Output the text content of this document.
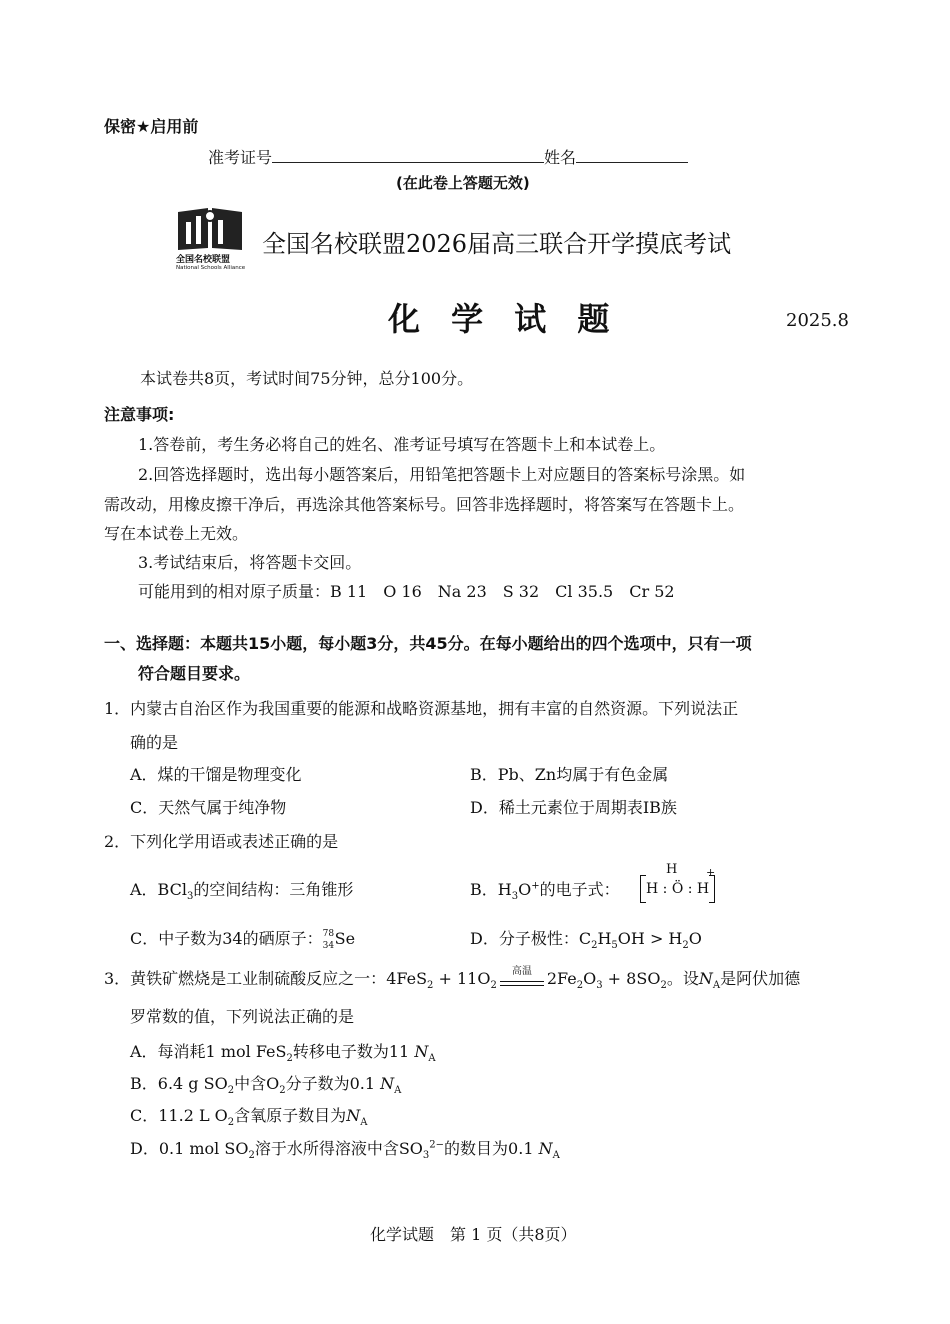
保密★启用前
准考证号	姓名
(在此卷上答题无效)
全国名校联盟
National Schools Alliance
全国名校联盟2026届高三联合开学摸底考试
化 学 试 题	2025.8
本试卷共8页，考试时间75分钟，总分100分。
注意事项:
1.答卷前，考生务必将自己的姓名、准考证号填写在答题卡上和本试卷上。
2.回答选择题时，选出每小题答案后，用铅笔把答题卡上对应题目的答案标号涂黑。如
需改动，用橡皮擦干净后，再选涂其他答案标号。回答非选择题时，将答案写在答题卡上。
写在本试卷上无效。
3.考试结束后，将答题卡交回。
可能用到的相对原子质量：B 11　O 16　Na 23　S 32　Cl 35.5　Cr 52
一、选择题：本题共15小题，每小题3分，共45分。在每小题给出的四个选项中，只有一项
符合题目要求。
1．内蒙古自治区作为我国重要的能源和战略资源基地，拥有丰富的自然资源。下列说法正
确的是
A．煤的干馏是物理变化	B．Pb、Zn均属于有色金属
C．天然气属于纯净物	D．稀土元素位于周期表IB族
2．下列化学用语或表述正确的是
A．BCl$_3$的空间结构：三角锥形	B．$H_3O^+$的电子式：
H
H : Ö : H
+
C．中子数为34的硒原子： 78
34 Se	D．分子极性：$C_2H_5OH > H_2O$
3．黄铁矿燃烧是工业制硫酸反应之一：$4FeS_2 + 11O_2$
高温 $2Fe_2O_3 + 8SO_2$。设$N_A$是阿伏加德
罗常数的值，下列说法正确的是
A．每消耗1 mol FeS$_2$转移电子数为11 $N_A$
B．6.4 g $SO_2$中含$O_2$分子数为0.1 $N_A$
C．11.2 L $O_2$含氧原子数目为$N_A$
D．0.1 mol $SO_2$溶于水所得溶液中含$SO_3^{2-}$的数目为0.1 $N_A$
化学试题　第 1 页（共8页）
